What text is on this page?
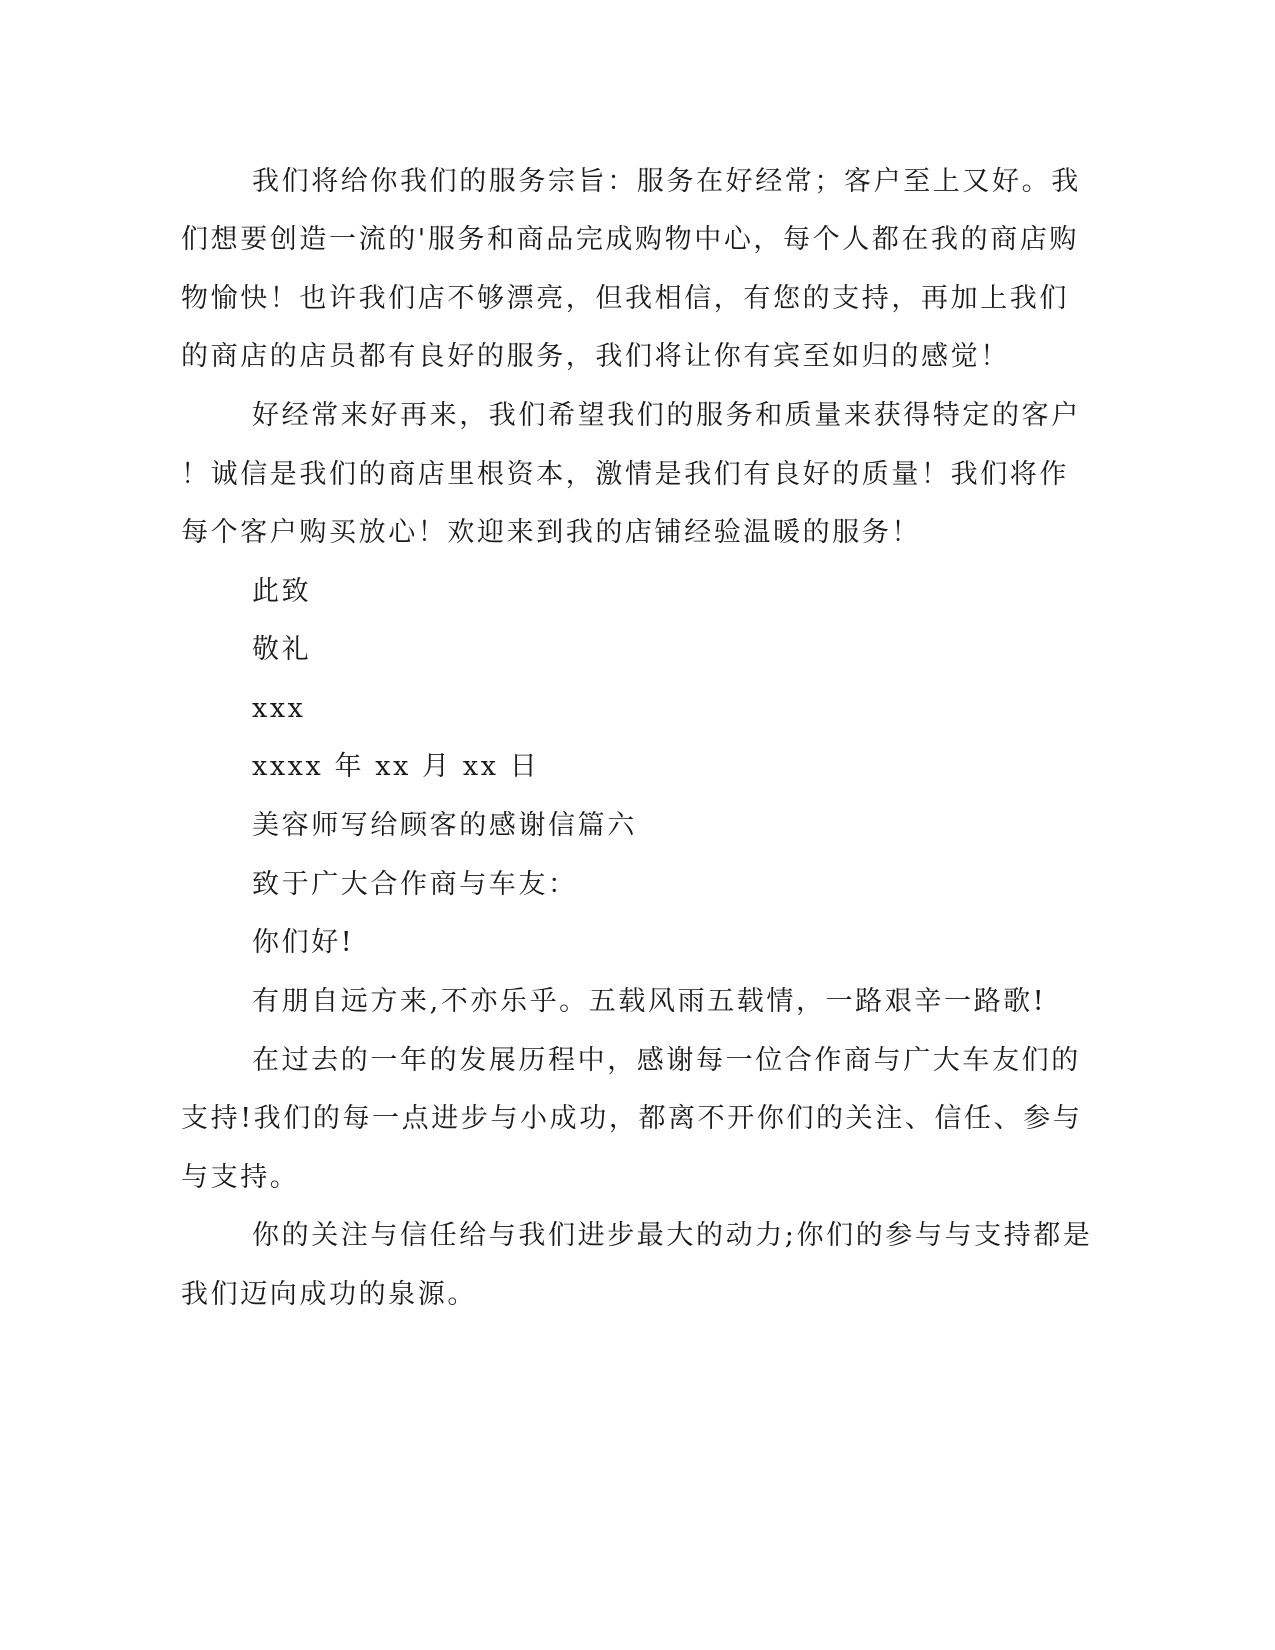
我们将给你我们的服务宗旨：服务在好经常；客户至上又好。我

们想要创造一流的'服务和商品完成购物中心，每个人都在我的商店购

物愉快！也许我们店不够漂亮，但我相信，有您的支持，再加上我们

的商店的店员都有良好的服务，我们将让你有宾至如归的感觉！

好经常来好再来，我们希望我们的服务和质量来获得特定的客户

！诚信是我们的商店里根资本，激情是我们有良好的质量！我们将作

每个客户购买放心！欢迎来到我的店铺经验温暖的服务！

此致

敬礼

xxx

xxxx 年 xx 月 xx 日

美容师写给顾客的感谢信篇六

致于广大合作商与车友：

你们好!

有朋自远方来,不亦乐乎。五载风雨五载情，一路艰辛一路歌!

在过去的一年的发展历程中，感谢每一位合作商与广大车友们的

支持!我们的每一点进步与小成功，都离不开你们的关注、信任、参与

与支持。

你的关注与信任给与我们进步最大的动力;你们的参与与支持都是

我们迈向成功的泉源。
